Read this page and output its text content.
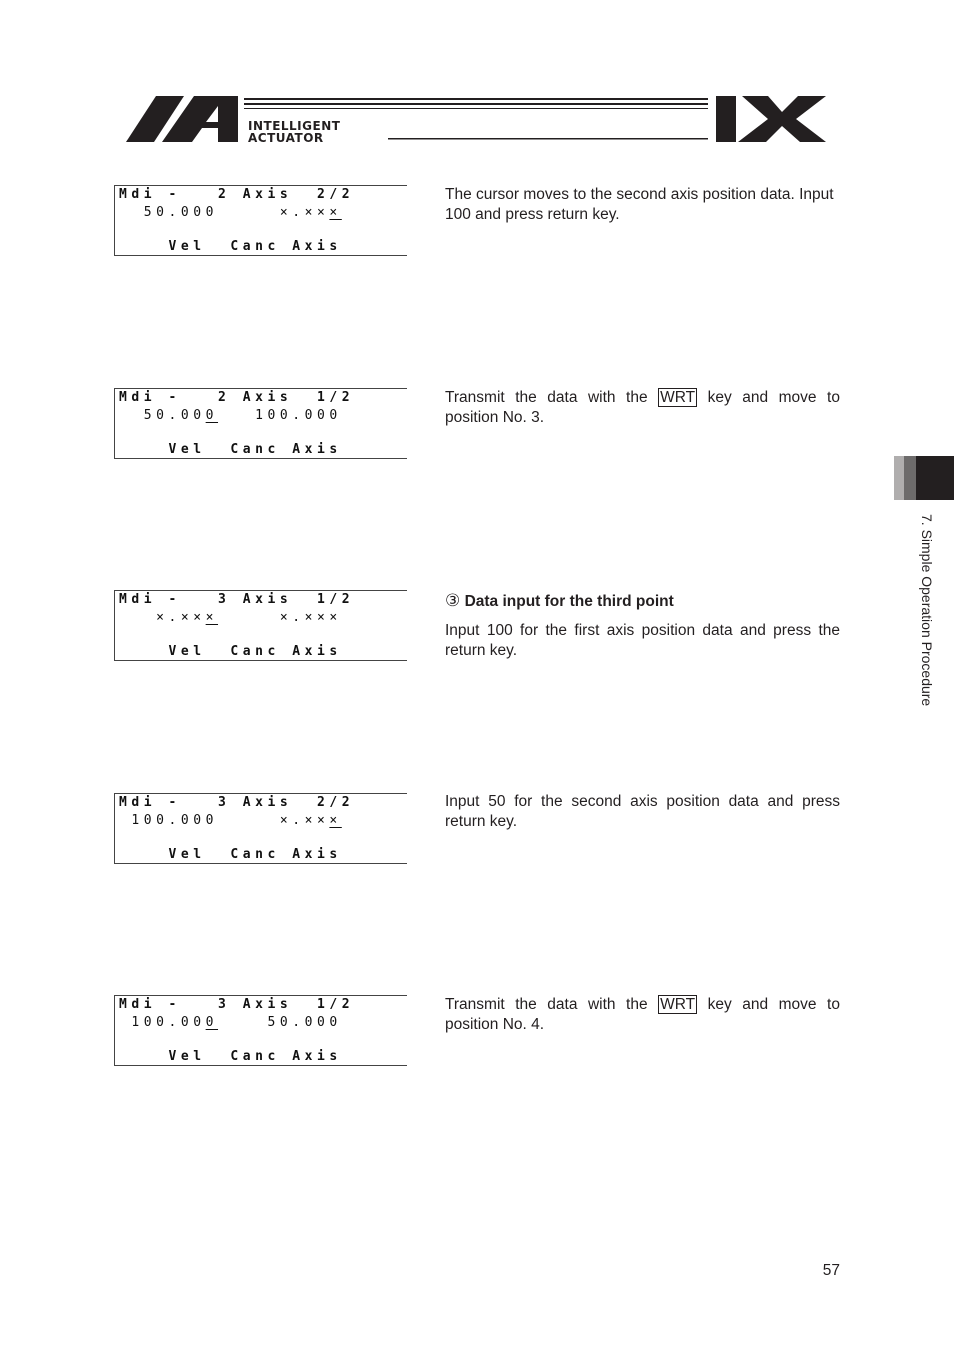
INTELLIGENT
ACTUATOR
Mdi -   2 Axis  2/2
50.000     ×.×××
Vel  Canc Axis
The cursor moves to the second axis position data. Input 100 and press return key.
Mdi -   2 Axis  1/2
50.000   100.000
Vel  Canc Axis
Transmit the data with the WRT key and move to position No. 3.
Mdi -   3 Axis  1/2
×.×××     ×.×××
Vel  Canc Axis
③ Data input for the third point
Input 100 for the first axis position data and press the return key.
Mdi -   3 Axis  2/2
100.000     ×.×××
Vel  Canc Axis
Input 50 for the second axis position data and press return key.
Mdi -   3 Axis  1/2
100.000    50.000
Vel  Canc Axis
Transmit the data with the WRT key and move to position No. 4.
7. Simple Operation Procedure
57
